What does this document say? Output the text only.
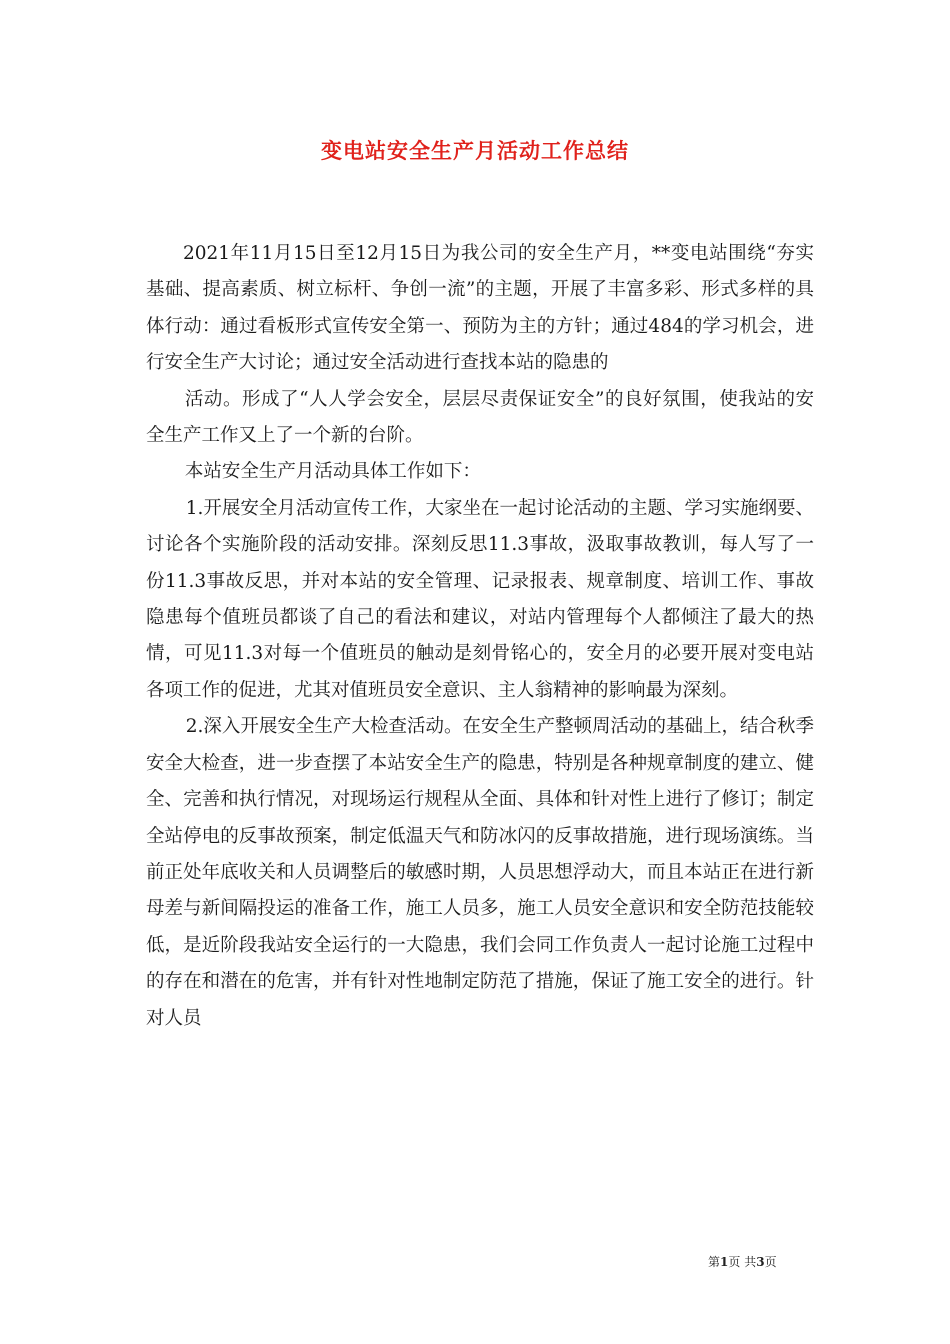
变电站安全生产月活动工作总结

2021年11月15日至12月15日为我公司的安全生产月，**变电站围绕“夯实基础、提高素质、树立标杆、争创一流”的主题，开展了丰富多彩、形式多样的具体行动：通过看板形式宣传安全第一、预防为主的方针；通过484的学习机会，进行安全生产大讨论；通过安全活动进行查找本站的隐患的

活动。形成了“人人学会安全，层层尽责保证安全”的良好氛围，使我站的安全生产工作又上了一个新的台阶。

本站安全生产月活动具体工作如下：

1.开展安全月活动宣传工作，大家坐在一起讨论活动的主题、学习实施纲要、讨论各个实施阶段的活动安排。深刻反思11.3事故，汲取事故教训，每人写了一份11.3事故反思，并对本站的安全管理、记录报表、规章制度、培训工作、事故隐患每个值班员都谈了自己的看法和建议，对站内管理每个人都倾注了最大的热情，可见11.3对每一个值班员的触动是刻骨铭心的，安全月的必要开展对变电站各项工作的促进，尤其对值班员安全意识、主人翁精神的影响最为深刻。

2.深入开展安全生产大检查活动。在安全生产整顿周活动的基础上，结合秋季安全大检查，进一步查摆了本站安全生产的隐患，特别是各种规章制度的建立、健全、完善和执行情况，对现场运行规程从全面、具体和针对性上进行了修订；制定全站停电的反事故预案，制定低温天气和防冰闪的反事故措施，进行现场演练。当前正处年底收关和人员调整后的敏感时期，人员思想浮动大，而且本站正在进行新母差与新间隔投运的准备工作，施工人员多，施工人员安全意识和安全防范技能较低，是近阶段我站安全运行的一大隐患，我们会同工作负责人一起讨论施工过程中的存在和潜在的危害，并有针对性地制定防范了措施，保证了施工安全的进行。针对人员

第1页 共3页
